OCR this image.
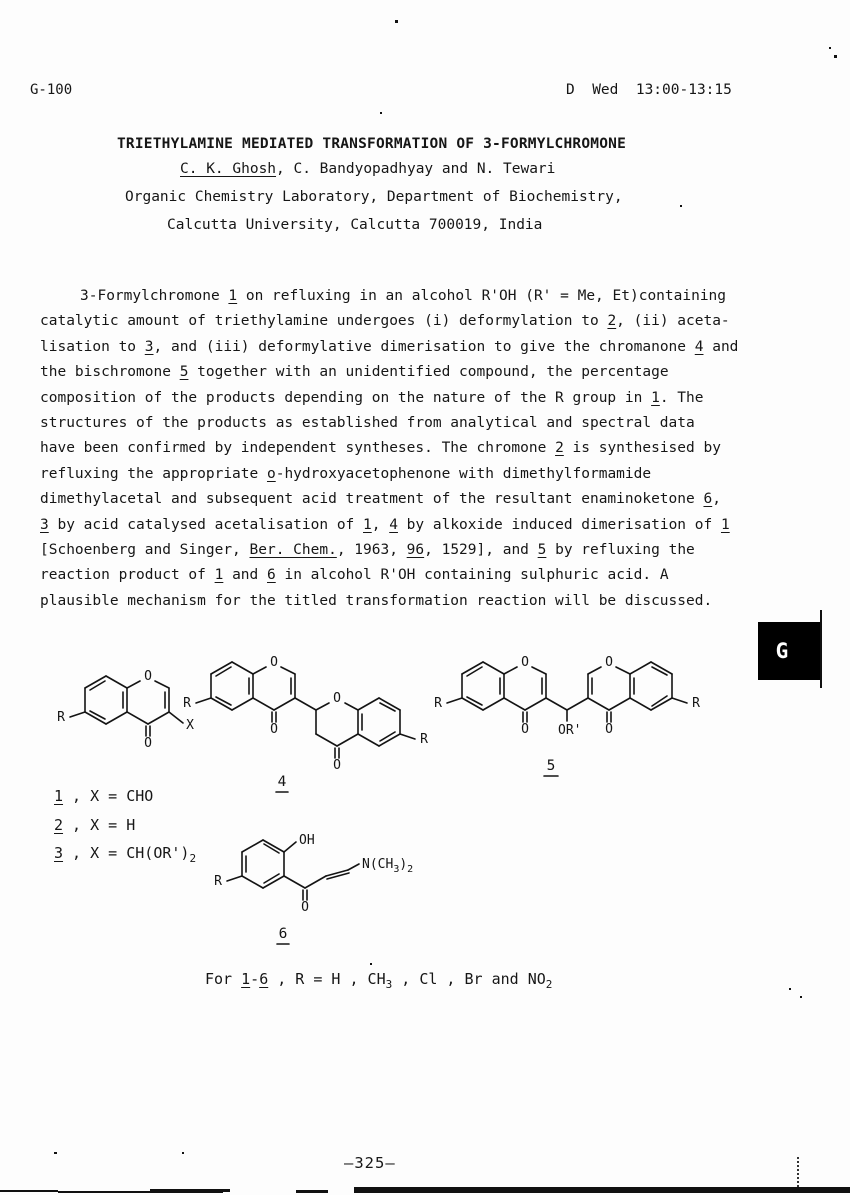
G-100	D  Wed  13:00-13:15
TRIETHYLAMINE MEDIATED TRANSFORMATION OF 3-FORMYLCHROMONE
C. K. Ghosh, C. Bandyopadhyay and N. Tewari
Organic Chemistry Laboratory, Department of Biochemistry,
Calcutta University, Calcutta 700019, India
3-Formylchromone 1 on refluxing in an alcohol R'OH (R' = Me, Et)containing
catalytic amount of triethylamine undergoes (i) deformylation to 2, (ii) aceta-
lisation to 3, and (iii) deformylative dimerisation to give the chromanone 4 and
the bischromone 5 together with an unidentified compound, the percentage
composition of the products depending on the nature of the R group in 1. The
structures of the products as established from analytical and spectral data
have been confirmed by independent syntheses. The chromone 2 is synthesised by
refluxing the appropriate o-hydroxyacetophenone with dimethylformamide
dimethylacetal and subsequent acid treatment of the resultant enaminoketone 6,
3 by acid catalysed acetalisation of 1, 4 by alkoxide induced dimerisation of 1
[Schoenberg and Singer, Ber. Chem., 1963, 96, 1529], and 5 by refluxing the
reaction product of 1 and 6 in alcohol R'OH containing sulphuric acid. A
plausible mechanism for the titled transformation reaction will be discussed.
O
O
R
X
1 , X = CHO
2 , X = H
3 , $X = CH(OR')_2$
O
O
R	O
O
R
4
O
O
R
OR'
O
O
R
5
OH
R
O
$N(CH_3)_2$
6
For 1-6 , R = H , $CH_3$ , Cl , Br and $NO_2$
–325–
G
